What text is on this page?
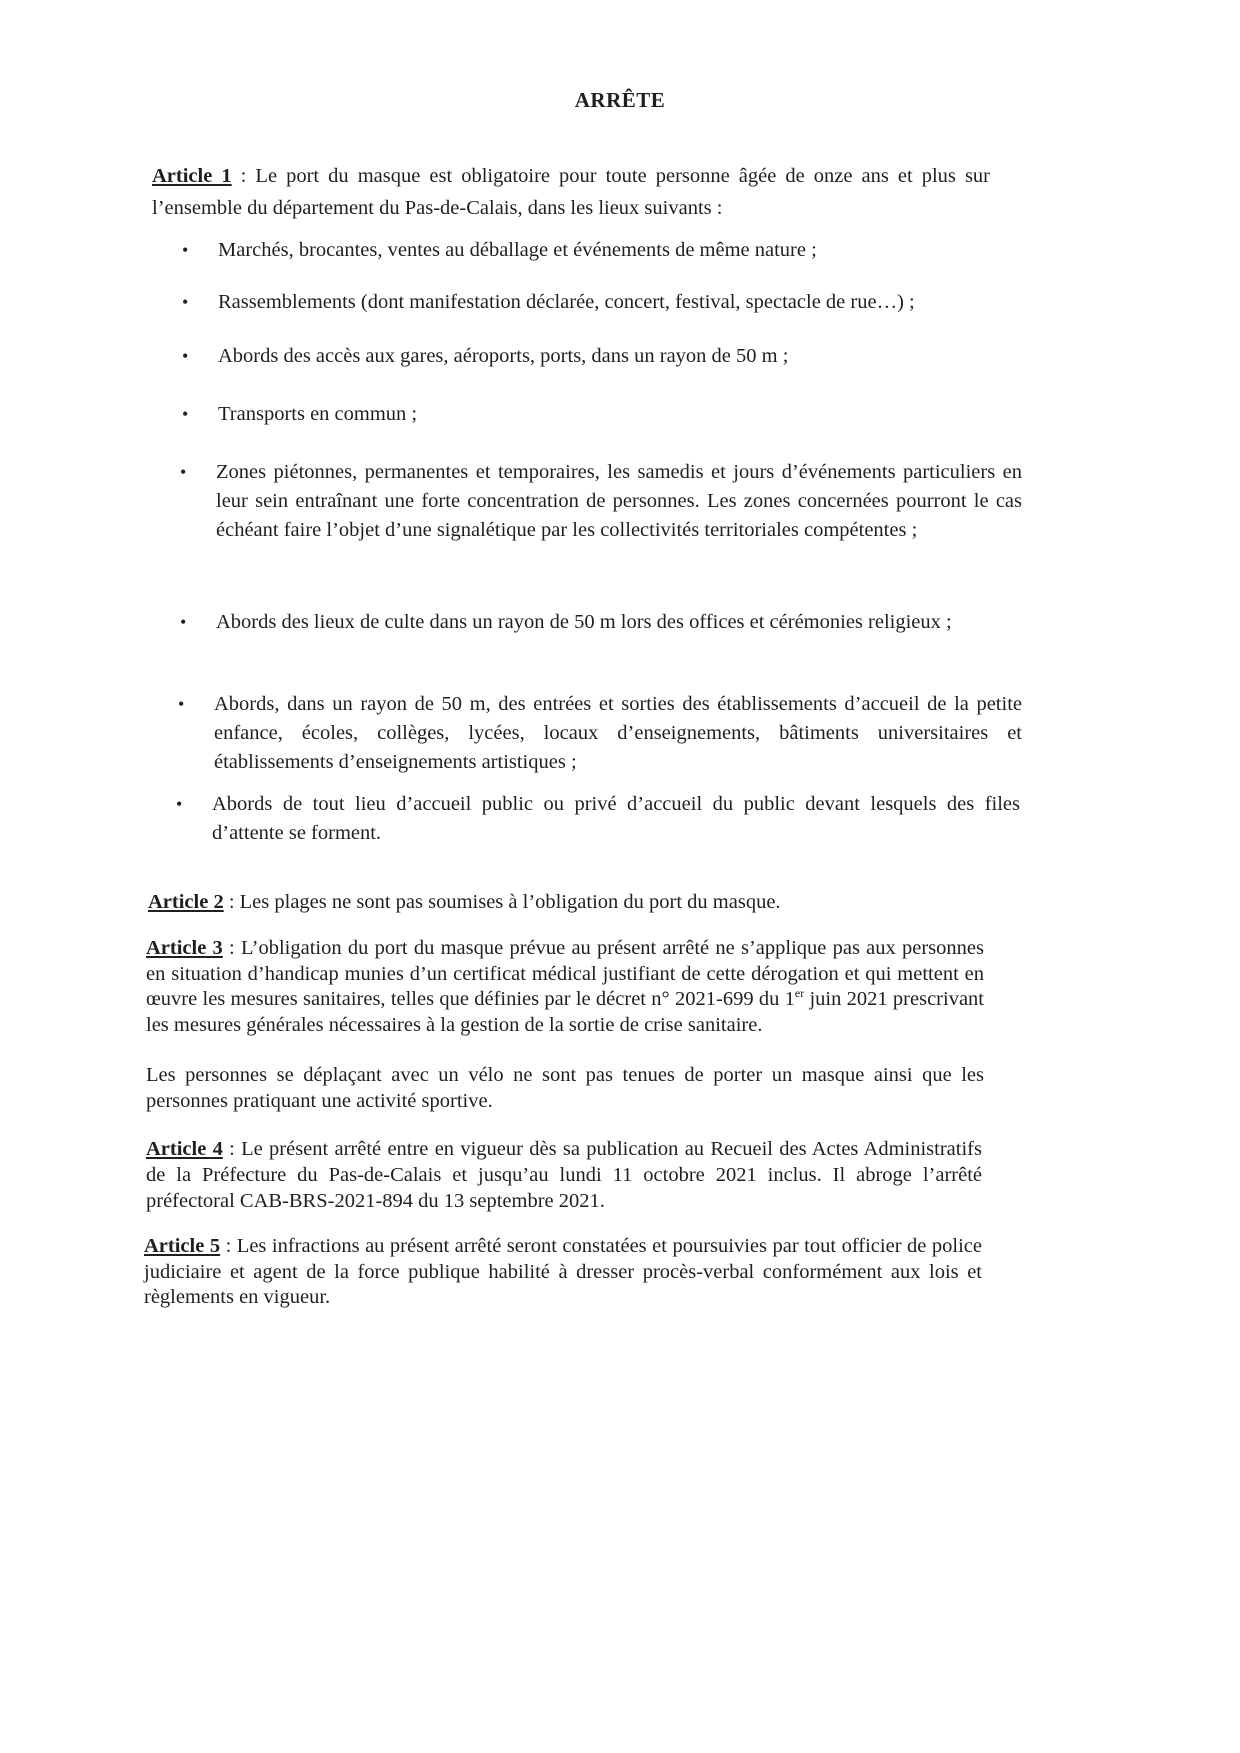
ARRÊTE
Article 1 : Le port du masque est obligatoire pour toute personne âgée de onze ans et plus sur l’ensemble du département du Pas-de-Calais, dans les lieux suivants :
•	Marchés, brocantes, ventes au déballage et événements de même nature ;
•	Rassemblements (dont manifestation déclarée, concert, festival, spectacle de rue…) ;
•	Abords des accès aux gares, aéroports, ports, dans un rayon de 50 m ;
•	Transports en commun ;
•	Zones piétonnes, permanentes et temporaires, les samedis et jours d’événements particuliers en leur sein entraînant une forte concentration de personnes. Les zones concernées pourront le cas échéant faire l’objet d’une signalétique par les collectivités territoriales compétentes ;
•	Abords des lieux de culte dans un rayon de 50 m lors des offices et cérémonies religieux ;
•	Abords, dans un rayon de 50 m, des entrées et sorties des établissements d’accueil de la petite enfance, écoles, collèges, lycées, locaux d’enseignements, bâtiments universitaires et établissements d’enseignements artistiques ;
•	Abords de tout lieu d’accueil public ou privé d’accueil du public devant lesquels des files d’attente se forment.
Article 2 : Les plages ne sont pas soumises à l’obligation du port du masque.
Article 3 : L’obligation du port du masque prévue au présent arrêté ne s’applique pas aux personnes en situation d’handicap munies d’un certificat médical justifiant de cette dérogation et qui mettent en œuvre les mesures sanitaires, telles que définies par le décret n° 2021-699 du 1er juin 2021 prescrivant les mesures générales nécessaires à la gestion de la sortie de crise sanitaire.
Les personnes se déplaçant avec un vélo ne sont pas tenues de porter un masque ainsi que les personnes pratiquant une activité sportive.
Article 4 : Le présent arrêté entre en vigueur dès sa publication au Recueil des Actes Administratifs de la Préfecture du Pas-de-Calais et jusqu’au lundi 11 octobre 2021 inclus. Il abroge l’arrêté préfectoral CAB-BRS-2021-894 du 13 septembre 2021.
Article 5 : Les infractions au présent arrêté seront constatées et poursuivies par tout officier de police judiciaire et agent de la force publique habilité à dresser procès-verbal conformément aux lois et règlements en vigueur.
